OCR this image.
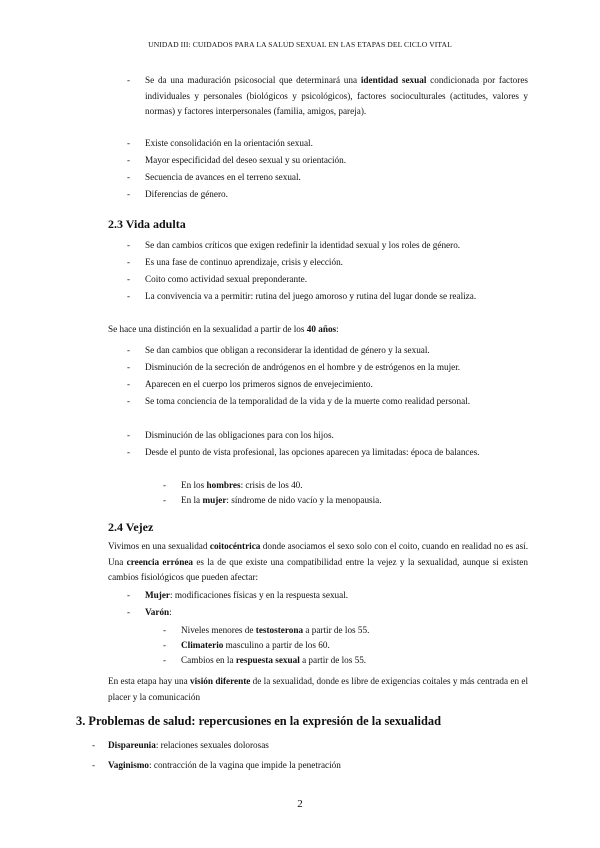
UNIDAD III: CUIDADOS PARA LA SALUD SEXUAL EN LAS ETAPAS DEL CICLO VITAL
- Se da una maduración psicosocial que determinará una identidad sexual condicionada por factores individuales y personales (biológicos y psicológicos), factores socioculturales (actitudes, valores y normas) y factores interpersonales (familia, amigos, pareja).
- Existe consolidación en la orientación sexual.
- Mayor especificidad del deseo sexual y su orientación.
- Secuencia de avances en el terreno sexual.
- Diferencias de género.
2.3 Vida adulta
- Se dan cambios críticos que exigen redefinir la identidad sexual y los roles de género.
- Es una fase de continuo aprendizaje, crisis y elección.
- Coito como actividad sexual preponderante.
- La convivencia va a permitir: rutina del juego amoroso y rutina del lugar donde se realiza.
Se hace una distinción en la sexualidad a partir de los 40 años:
- Se dan cambios que obligan a reconsiderar la identidad de género y la sexual.
- Disminución de la secreción de andrógenos en el hombre y de estrógenos en la mujer.
- Aparecen en el cuerpo los primeros signos de envejecimiento.
- Se toma conciencia de la temporalidad de la vida y de la muerte como realidad personal.
- Disminución de las obligaciones para con los hijos.
- Desde el punto de vista profesional, las opciones aparecen ya limitadas: época de balances.
- En los hombres: crisis de los 40.
- En la mujer: síndrome de nido vacío y la menopausia.
2.4 Vejez
Vivimos en una sexualidad coitocéntrica donde asociamos el sexo solo con el coito, cuando en realidad no es así. Una creencia errónea es la de que existe una compatibilidad entre la vejez y la sexualidad, aunque si existen cambios fisiológicos que pueden afectar:
- Mujer: modificaciones físicas y en la respuesta sexual.
- Varón:
- Niveles menores de testosterona a partir de los 55.
- Climaterio masculino a partir de los 60.
- Cambios en la respuesta sexual a partir de los 55.
En esta etapa hay una visión diferente de la sexualidad, donde es libre de exigencias coitales y más centrada en el placer y la comunicación
3. Problemas de salud: repercusiones en la expresión de la sexualidad
- Dispareunia: relaciones sexuales dolorosas
- Vaginismo: contracción de la vagina que impide la penetración
2
